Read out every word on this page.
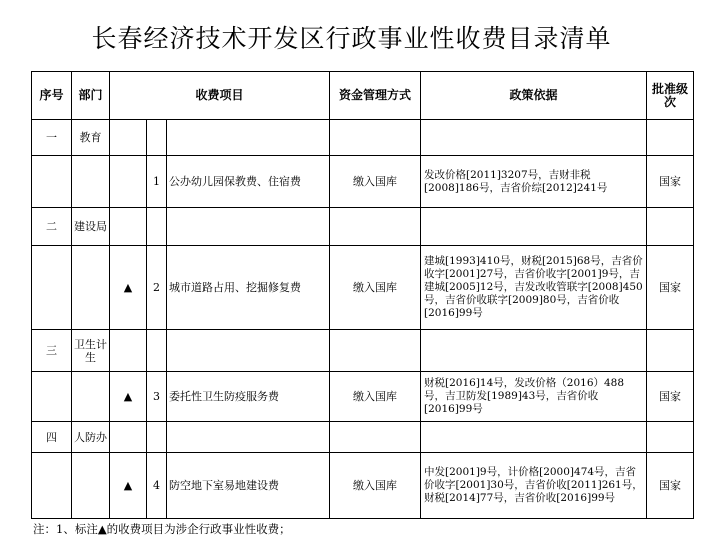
长春经济技术开发区行政事业性收费目录清单
序号	部门	收费项目			资金管理方式	政策依据	批准级次
一	教育						
			1	公办幼儿园保教费、住宿费	缴入国库	发改价格[2011]3207号，吉财非税[2008]186号，吉省价综[2012]241号	国家
二	建设局						
		▲	2	城市道路占用、挖掘修复费	缴入国库	建城[1993]410号，财税[2015]68号，吉省价收字[2001]27号，吉省价收字[2001]9号，吉建城[2005]12号，吉发改收管联字[2008]450号，吉省价收联字[2009]80号，吉省价收[2016]99号	国家
三	卫生计生						
		▲	3	委托性卫生防疫服务费	缴入国库	财税[2016]14号，发改价格（2016）488号，吉卫防发[1989]43号，吉省价收[2016]99号	国家
四	人防办						
		▲	4	防空地下室易地建设费	缴入国库	中发[2001]9号，计价格[2000]474号，吉省价收字[2001]30号，吉省价收[2011]261号，财税[2014]77号，吉省价收[2016]99号	国家
注：1、标注▲的收费项目为涉企行政事业性收费；
